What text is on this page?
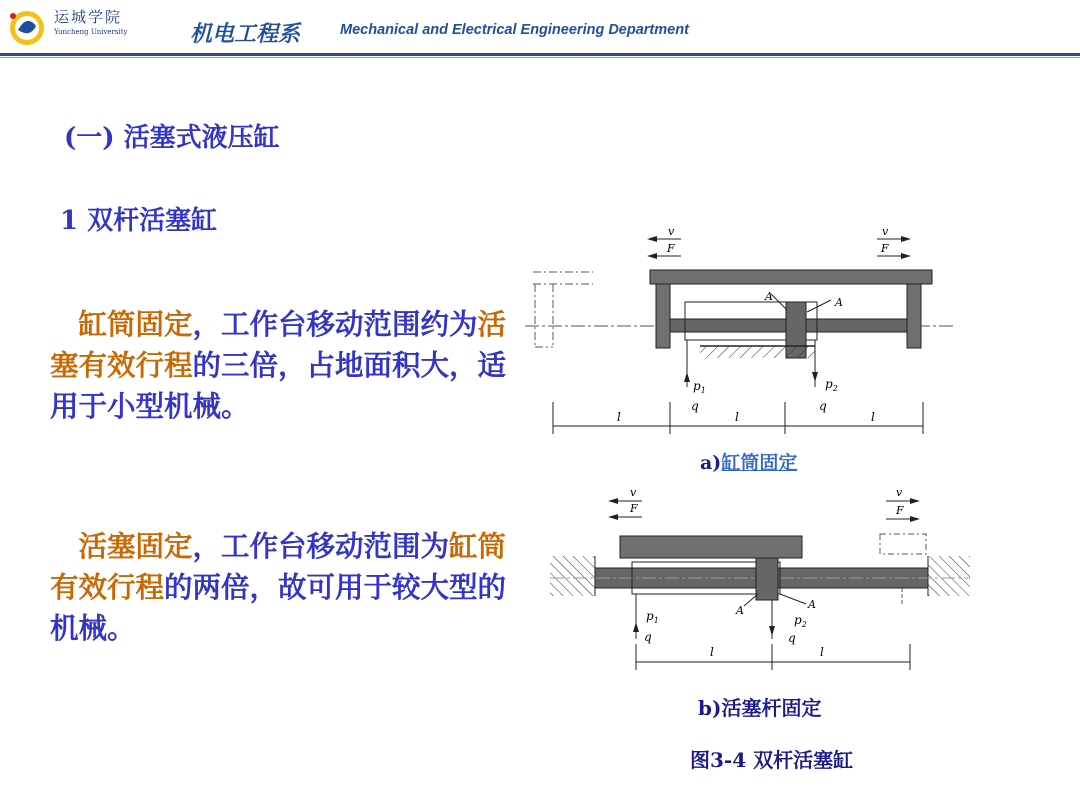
运城学院
Yuncheng University	机电工程系	Mechanical and Electrical Engineering Department
(一) 活塞式液压缸
1 双杆活塞缸
　缸筒固定，工作台移动范围约为活塞有效行程的三倍，占地面积大，适用于小型机械。
　活塞固定，工作台移动范围为缸筒有效行程的两倍，故可用于较大型的机械。
$p_1$
q
$p_2$
q
A	A
v
F
v
F
l	l	l
a)缸筒固定
v
F
v
F
$p_1$
q
$p_2$
q
A	A
l	l
b)活塞杆固定
图3-4 双杆活塞缸
